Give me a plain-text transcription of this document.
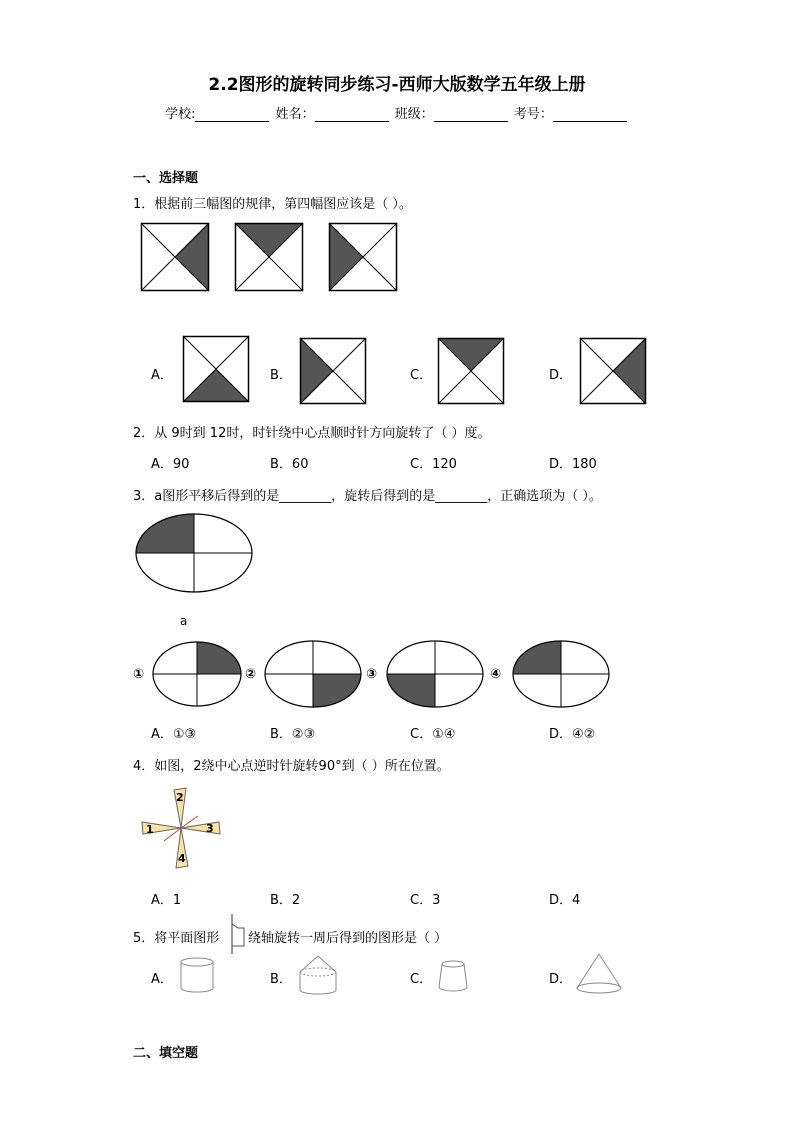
2.2图形的旋转同步练习-西师大版数学五年级上册
学校:	姓名：	班级：	考号：
一、选择题
1．根据前三幅图的规律，第四幅图应该是（ ）。
A．	B．	C．	D．
2．从 9时到 12时，时针绕中心点顺时针方向旋转了（ ）度。
A．90	B．60	C．120	D．180
3．a图形平移后得到的是________，旋转后得到的是________，正确选项为（ ）。
a
①	②	③	④
A．①③	B．②③	C．①④	D．④②
4．如图，2绕中心点逆时针旋转90°到（ ）所在位置。
2
3
4
1
A．1	B．2	C．3	D．4
5．将平面图形 绕轴旋转一周后得到的图形是（ ）
A．	B．	C．	D．
二、填空题
